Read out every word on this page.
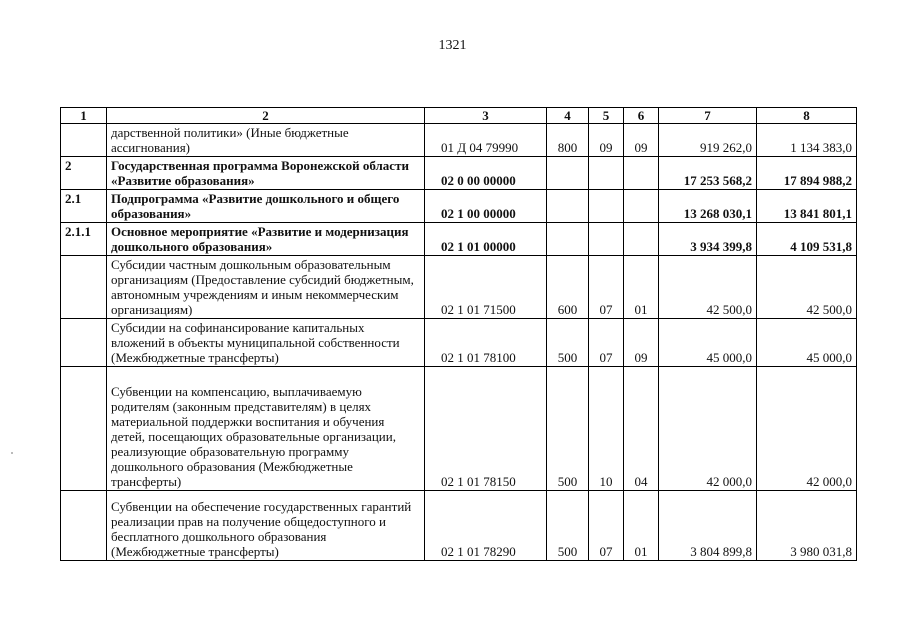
1321
1	2	3	4	5	6	7	8
	дарственной политики» (Иные бюджетные ассигнования)	01 Д 04 79990	800	09	09	919 262,0	1 134 383,0
2	Государственная программа Воронежской области «Развитие образования»	02 0 00 00000				17 253 568,2	17 894 988,2
2.1	Подпрограмма «Развитие дошкольного и общего образования»	02 1 00 00000				13 268 030,1	13 841 801,1
2.1.1	Основное мероприятие «Развитие и модернизация дошкольного образования»	02 1 01 00000				3 934 399,8	4 109 531,8
	Субсидии частным дошкольным образовательным организациям (Предоставление субсидий бюджетным, автономным учреждениям и иным некоммерческим организациям)	02 1 01 71500	600	07	01	42 500,0	42 500,0
	Субсидии на софинансирование капитальных вложений в объекты муниципальной собственности (Межбюджетные трансферты)	02 1 01 78100	500	07	09	45 000,0	45 000,0
	Субвенции на компенсацию, выплачиваемую родителям (законным представителям) в целях материальной поддержки воспитания и обучения детей, посещающих образовательные организации, реализующие образовательную программу дошкольного образования (Межбюджетные трансферты)	02 1 01 78150	500	10	04	42 000,0	42 000,0
	Субвенции на обеспечение государственных гарантий реализации прав на получение общедоступного и бесплатного дошкольного образования (Межбюджетные трансферты)	02 1 01 78290	500	07	01	3 804 899,8	3 980 031,8
